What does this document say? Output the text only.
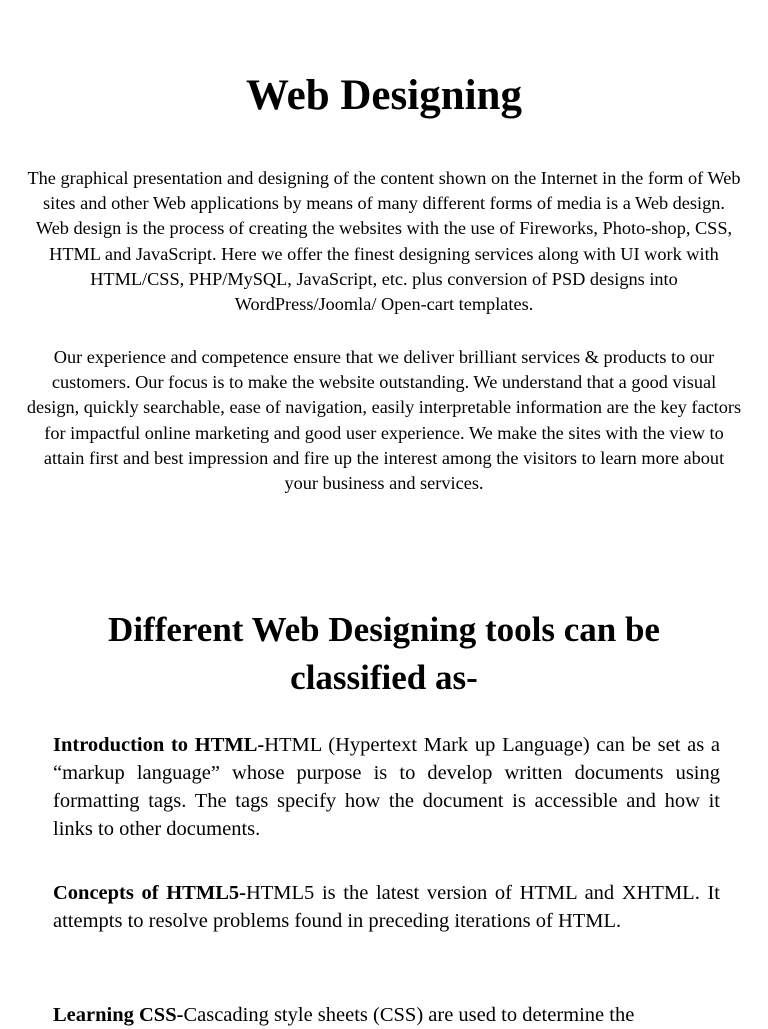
Web Designing

The graphical presentation and designing of the content shown on the Internet in the form of Web sites and other Web applications by means of many different forms of media is a Web design. Web design is the process of creating the websites with the use of Fireworks, Photo-shop, CSS, HTML and JavaScript. Here we offer the finest designing services along with UI work with HTML/CSS, PHP/MySQL, JavaScript, etc. plus conversion of PSD designs into WordPress/Joomla/ Open-cart templates.

Our experience and competence ensure that we deliver brilliant services & products to our customers. Our focus is to make the website outstanding. We understand that a good visual design, quickly searchable, ease of navigation, easily interpretable information are the key factors for impactful online marketing and good user experience. We make the sites with the view to attain first and best impression and fire up the interest among the visitors to learn more about your business and services.

Different Web Designing tools can be classified as-

Introduction to HTML-HTML (Hypertext Mark up Language) can be set as a “markup language” whose purpose is to develop written documents using formatting tags. The tags specify how the document is accessible and how it links to other documents.

Concepts of HTML5-HTML5 is the latest version of HTML and XHTML. It attempts to resolve problems found in preceding iterations of HTML.

Learning CSS-Cascading style sheets (CSS) are used to determine the
